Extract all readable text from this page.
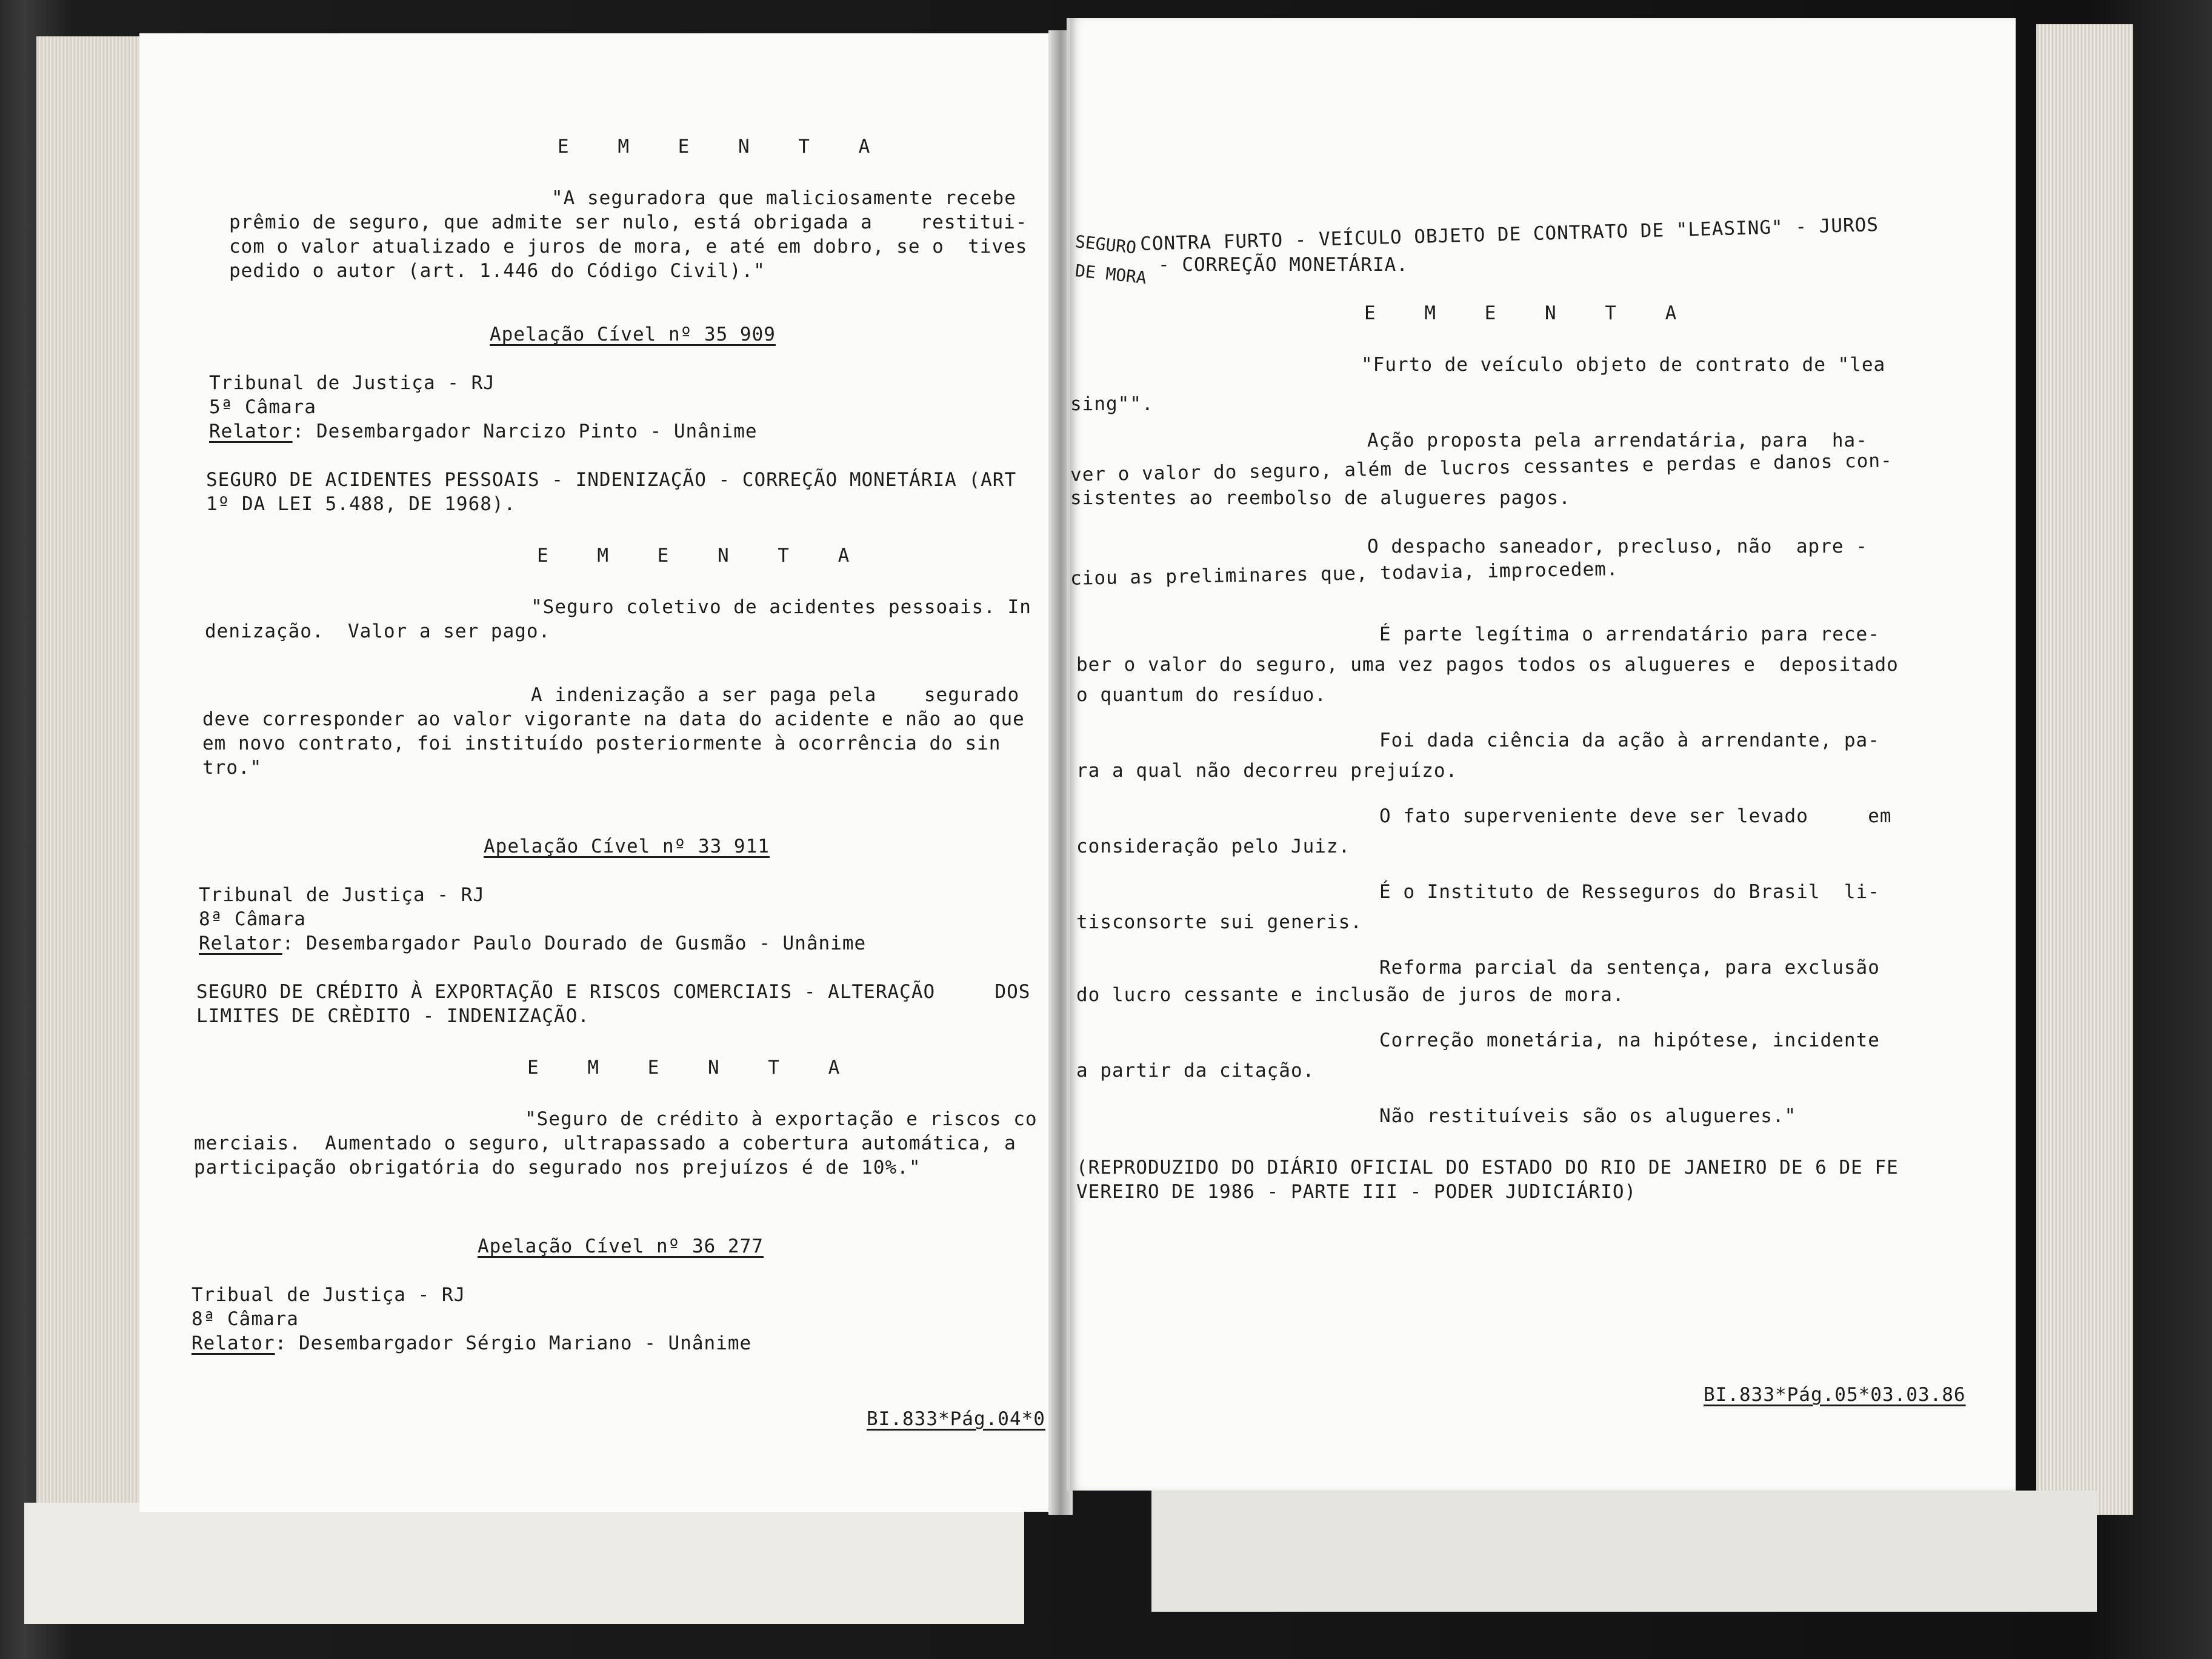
E M E N T A
"A seguradora que maliciosamente recebe
prêmio de seguro, que admite ser nulo, está obrigada a    restitui-
com o valor atualizado e juros de mora, e até em dobro, se o  tives
pedido o autor (art. 1.446 do Código Civil)."
Apelação Cível nº 35 909
Tribunal de Justiça - RJ
5ª Câmara
Relator: Desembargador Narcizo Pinto - Unânime
SEGURO DE ACIDENTES PESSOAIS - INDENIZAÇÃO - CORREÇÃO MONETÁRIA (ART
1º DA LEI 5.488, DE 1968).
E M E N T A
"Seguro coletivo de acidentes pessoais. In
denização.  Valor a ser pago.
A indenização a ser paga pela    segurado
deve corresponder ao valor vigorante na data do acidente e não ao que
em novo contrato, foi instituído posteriormente à ocorrência do sin
tro."
Apelação Cível nº 33 911
Tribunal de Justiça - RJ
8ª Câmara
Relator: Desembargador Paulo Dourado de Gusmão - Unânime
SEGURO DE CRÉDITO À EXPORTAÇÃO E RISCOS COMERCIAIS - ALTERAÇÃO     DOS
LIMITES DE CRÈDITO - INDENIZAÇÃO.
E M E N T A
"Seguro de crédito à exportação e riscos co
merciais.  Aumentado o seguro, ultrapassado a cobertura automática, a
participação obrigatória do segurado nos prejuízos é de 10%."
Apelação Cível nº 36 277
Tribual de Justiça - RJ
8ª Câmara
Relator: Desembargador Sérgio Mariano - Unânime
BI.833*Pág.04*0
SEGURO
DE MORA
CONTRA FURTO - VEÍCULO OBJETO DE CONTRATO DE "LEASING" - JUROS
- CORREÇÃO MONETÁRIA.
E M E N T A
"Furto de veículo objeto de contrato de "lea
sing"".
Ação proposta pela arrendatária, para  ha-
ver o valor do seguro, além de lucros cessantes e perdas e danos con-
sistentes ao reembolso de alugueres pagos.
O despacho saneador, precluso, não  apre -
ciou as preliminares que, todavia, improcedem.
É parte legítima o arrendatário para rece-
ber o valor do seguro, uma vez pagos todos os alugueres e  depositado
o quantum do resíduo.
Foi dada ciência da ação à arrendante, pa-
ra a qual não decorreu prejuízo.
O fato superveniente deve ser levado     em
consideração pelo Juiz.
É o Instituto de Resseguros do Brasil  li-
tisconsorte sui generis.
Reforma parcial da sentença, para exclusão
do lucro cessante e inclusão de juros de mora.
Correção monetária, na hipótese, incidente
a partir da citação.
Não restituíveis são os alugueres."
(REPRODUZIDO DO DIÁRIO OFICIAL DO ESTADO DO RIO DE JANEIRO DE 6 DE FE
VEREIRO DE 1986 - PARTE III - PODER JUDICIÁRIO)
BI.833*Pág.05*03.03.86
